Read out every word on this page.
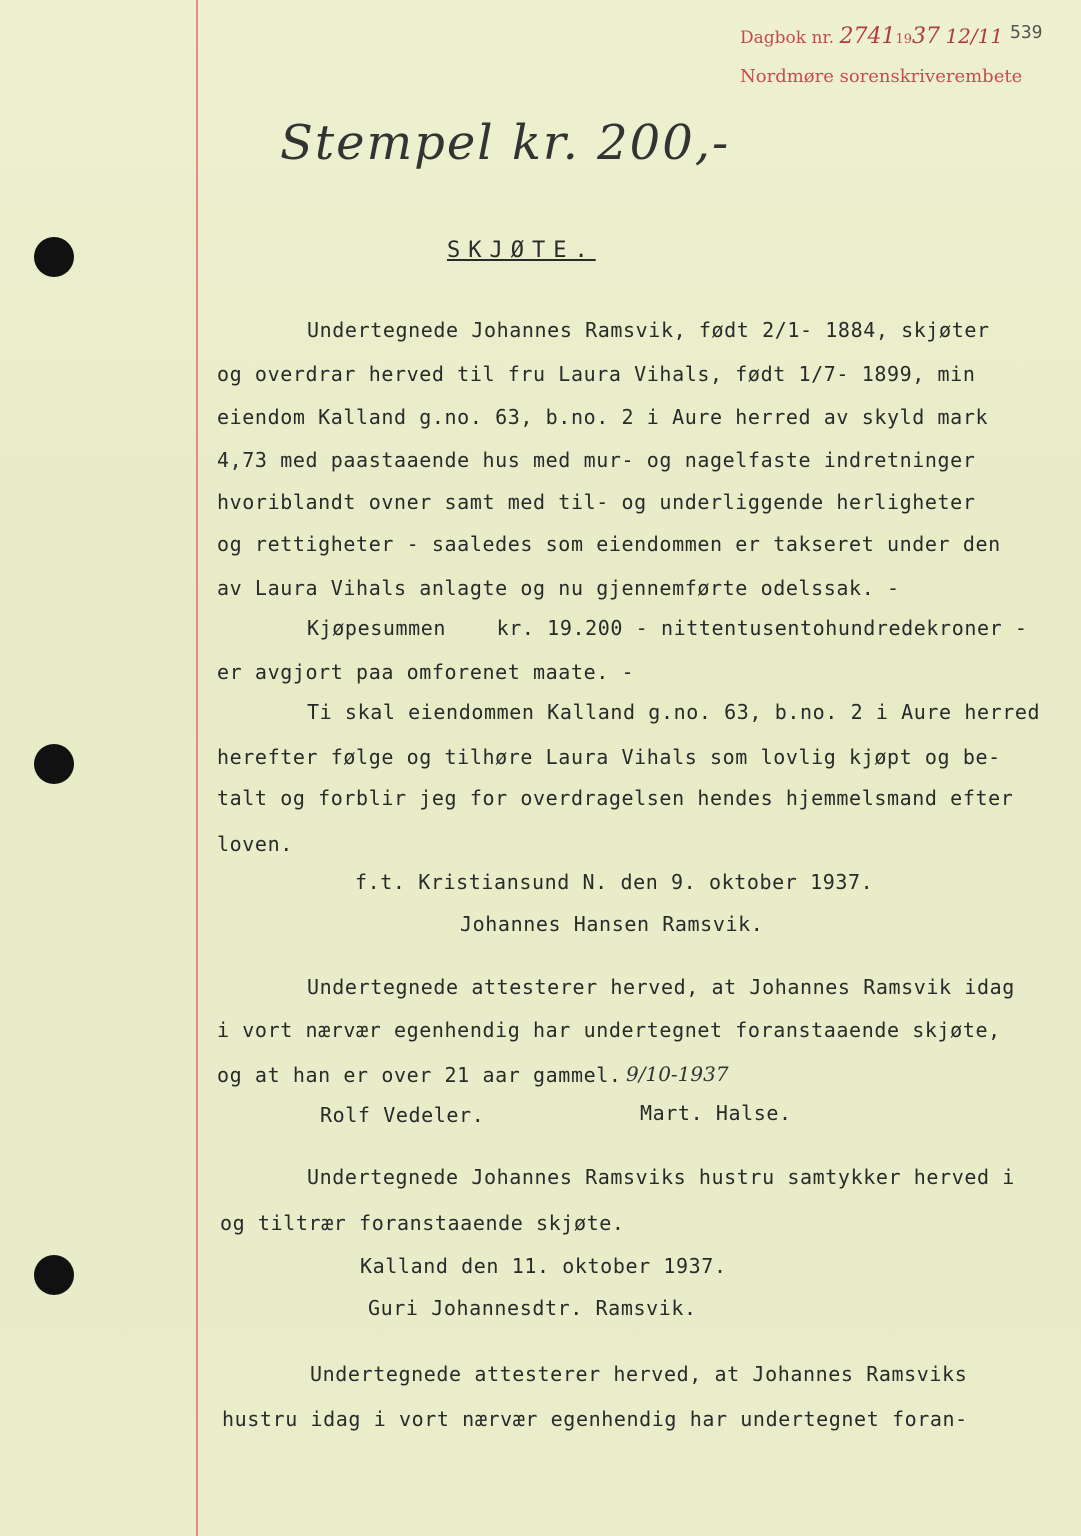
Dagbok nr. 27411937 12/11
Nordmøre sorenskriverembete
539
Stempel kr. 200,-
SKJØTE.
Undertegnede Johannes Ramsvik, født 2/1- 1884, skjøter
og overdrar herved til fru Laura Vihals, født 1/7- 1899, min
eiendom Kalland g.no. 63, b.no. 2 i Aure herred av skyld mark
4,73 med paastaaende hus med mur- og nagelfaste indretninger
hvoriblandt ovner samt med til- og underliggende herligheter
og rettigheter - saaledes som eiendommen er takseret under den
av Laura Vihals anlagte og nu gjennemførte odelssak. -
Kjøpesummen    kr. 19.200 - nittentusentohundredekroner -
er avgjort paa omforenet maate. -
Ti skal eiendommen Kalland g.no. 63, b.no. 2 i Aure herred
herefter følge og tilhøre Laura Vihals som lovlig kjøpt og be-
talt og forblir jeg for overdragelsen hendes hjemmelsmand efter
loven.
f.t. Kristiansund N. den 9. oktober 1937.
Johannes Hansen Ramsvik.
Undertegnede attesterer herved, at Johannes Ramsvik idag
i vort nærvær egenhendig har undertegnet foranstaaende skjøte,
og at han er over 21 aar gammel. 9/10-1937
Rolf Vedeler.	Mart. Halse.
Undertegnede Johannes Ramsviks hustru samtykker herved i
og tiltrær foranstaaende skjøte.
Kalland den 11. oktober 1937.
Guri Johannesdtr. Ramsvik.
Undertegnede attesterer herved, at Johannes Ramsviks
hustru idag i vort nærvær egenhendig har undertegnet foran-
